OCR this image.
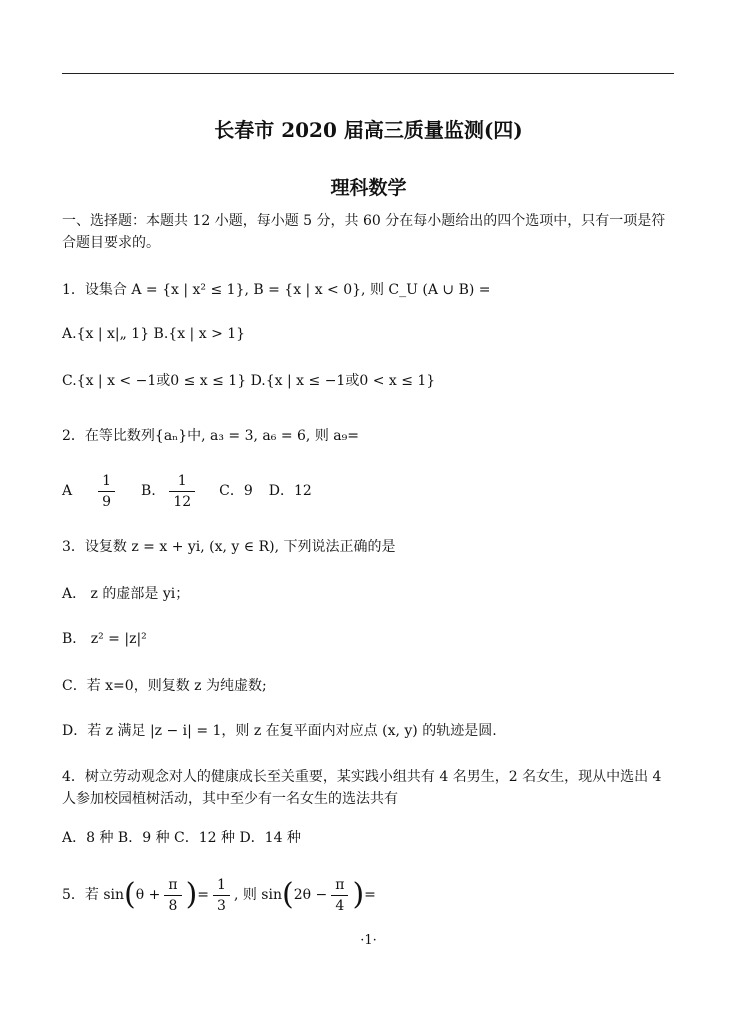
长春市 2020 届高三质量监测(四)
理科数学
一、选择题：本题共 12 小题，每小题 5 分，共 60 分在每小题给出的四个选项中，只有一项是符合题目要求的。
1．设集合 A = {x | x² ≤ 1}, B = {x | x < 0}, 则 C_U (A ∪ B) =
A.{x | x|„ 1} B.{x | x > 1}
C.{x | x < −1或0 ≤ x ≤ 1} D.{x | x ≤ −1或0 < x ≤ 1}
2．在等比数列{aₙ}中, a₃ = 3, a₆ = 6, 则 a₉=
A $\frac{1}{9}$ B． $\frac{1}{12}$ C．9 D．12
3．设复数 z = x + yi, (x, y ∈ R), 下列说法正确的是
A． z 的虚部是 yi；
B． z² = |z|²
C．若 x=0，则复数 z 为纯虚数;
D．若 z 满足 |z − i| = 1，则 z 在复平面内对应点 (x, y) 的轨迹是圆.
4．树立劳动观念对人的健康成长至关重要，某实践小组共有 4 名男生，2 名女生，现从中选出 4 人参加校园植树活动，其中至少有一名女生的选法共有
A．8 种 B．9 种 C．12 种 D．14 种
5．若 sin ( $\theta + \frac{\pi}{8}$ ) = $\frac{1}{3}$ , 则 sin ( $2\theta - \frac{\pi}{4}$ ) =
·1·
